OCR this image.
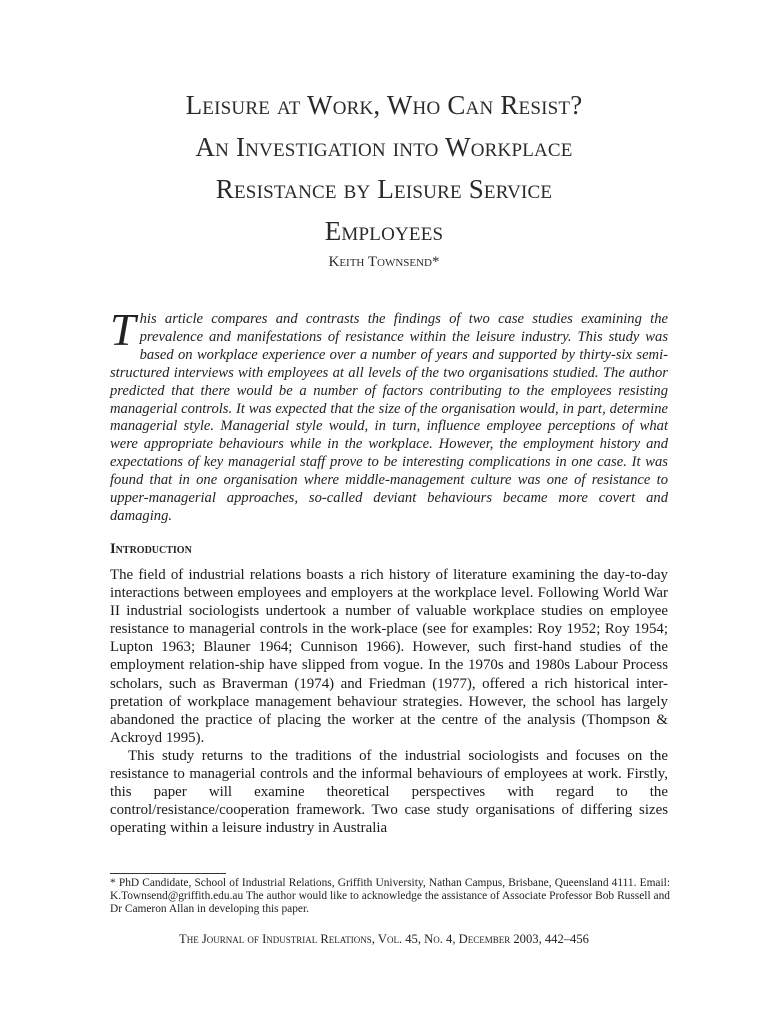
Leisure at Work, Who Can Resist?
An Investigation into Workplace
Resistance by Leisure Service
Employees
Keith Townsend*
This article compares and contrasts the findings of two case studies examining the prevalence and manifestations of resistance within the leisure industry. This study was based on workplace experience over a number of years and supported by thirty-six semi-structured interviews with employees at all levels of the two organisations studied. The author predicted that there would be a number of factors contributing to the employees resisting managerial controls. It was expected that the size of the organisation would, in part, determine managerial style. Managerial style would, in turn, influence employee perceptions of what were appropriate behaviours while in the workplace. However, the employment history and expectations of key managerial staff prove to be interesting complications in one case. It was found that in one organisation where middle-management culture was one of resistance to upper-managerial approaches, so-called deviant behaviours became more covert and damaging.
Introduction

The field of industrial relations boasts a rich history of literature examining the day-to-day interactions between employees and employers at the workplace level. Following World War II industrial sociologists undertook a number of valuable workplace studies on employee resistance to managerial controls in the work-place (see for examples: Roy 1952; Roy 1954; Lupton 1963; Blauner 1964; Cunnison 1966). However, such first-hand studies of the employment relation-ship have slipped from vogue. In the 1970s and 1980s Labour Process scholars, such as Braverman (1974) and Friedman (1977), offered a rich historical inter-pretation of workplace management behaviour strategies. However, the school has largely abandoned the practice of placing the worker at the centre of the analysis (Thompson & Ackroyd 1995).

This study returns to the traditions of the industrial sociologists and focuses on the resistance to managerial controls and the informal behaviours of employees at work. Firstly, this paper will examine theoretical perspectives with regard to the control/resistance/cooperation framework. Two case study organisations of differing sizes operating within a leisure industry in Australia

* PhD Candidate, School of Industrial Relations, Griffith University, Nathan Campus, Brisbane, Queensland 4111. Email: K.Townsend@griffith.edu.au The author would like to acknowledge the assistance of Associate Professor Bob Russell and Dr Cameron Allan in developing this paper.
The Journal of Industrial Relations, Vol. 45, No. 4, December 2003, 442–456
